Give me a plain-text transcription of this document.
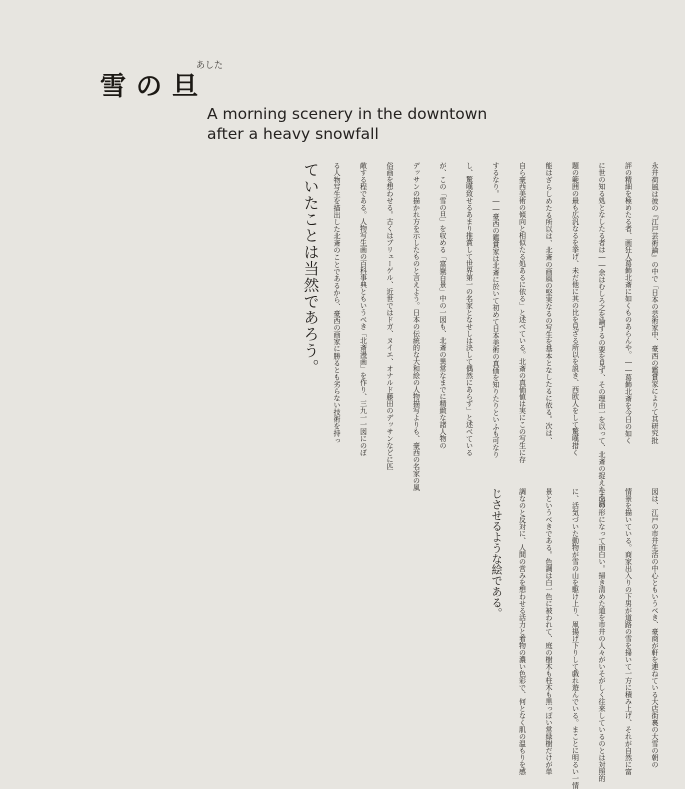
雪の旦
あした
A morning scenery in the downtown
after a heavy snowfall
永井荷風は彼の『江戸芸術論』の中で「日本の芸術家中、豪西の鑑賞家によりて其研究批
評の精細を極めたる者、画狂人葛飾北斎に如くものあらんや。――葛飾北斎を今日の如く
に世の知る処となしたる者は――余はむしろ之を論ずるの要を見ず、その理由一を以って、北斎の捉えたる画
題の範囲の最も広汎なるを挙げ、未だ他に其の比を見ざる所以を説き、西欧人をして驚嘆措く
能はざらしめたる所以は、北斎の画風の堅実なるの写生を基本となしたるに依る。次は、
自ら豪西美術の傾向と相似たる処あるに依る」と述べている。北斎の真価値は実にこの写生に存
するなり。――豪西の鑑賞家は北斎に於いて初めて日本美術の真価を知りたりといふも可なり
し、驚嘆致せるあまり推賞して世界第一の名家となせしは決して偶然にあらず」と述べている
が、この「雪の旦」を収める「富嶽百景」中の一図も、北斎の異常なまでに精緻な諸人物の
デッサンの描かれ方を示したものと言えよう。日本の伝統的な大和絵の人物描写よりも、豪西の名家の風
俗画を想わせる。古くはブリューゲル、近世ではドガ、ヌイエ、オナルド藤田のデッサンなどに匹
敵する程である。人物写生画の百科事典ともいうべき「北斎漫画」を作り、三九一一図にのぼ
る人物写生を描出した北斎のことであるから、豪西の画家に勝るとも劣らない技術を持っ
ていたことは当然であろう。
図は、江戸の市井生活の中心ともいうべき、豪商が軒を連ねている大店街裏の大雪の朝の
情景を描いている。商家出入りの下男が道路の雪を掃いて一方に積み上げ、それが自然に富
士山の形になって面白い。掃き清めた道を市井の人々がいそがしく往来しているのとは対照的
に、活気づいた動物が雪の山を駆け上り、凧揚げ下りして戯れ遊んでいる。まことに明るい一情
景というべきである。色調は白一色に被われて、庭の樹木も柱木も黒っぽい常緑樹だけが単
調なのと反対に、人間の営みを想わせる活力と着物の濃い色彩で、何となく肌の温もりを感
じさせるような絵である。
